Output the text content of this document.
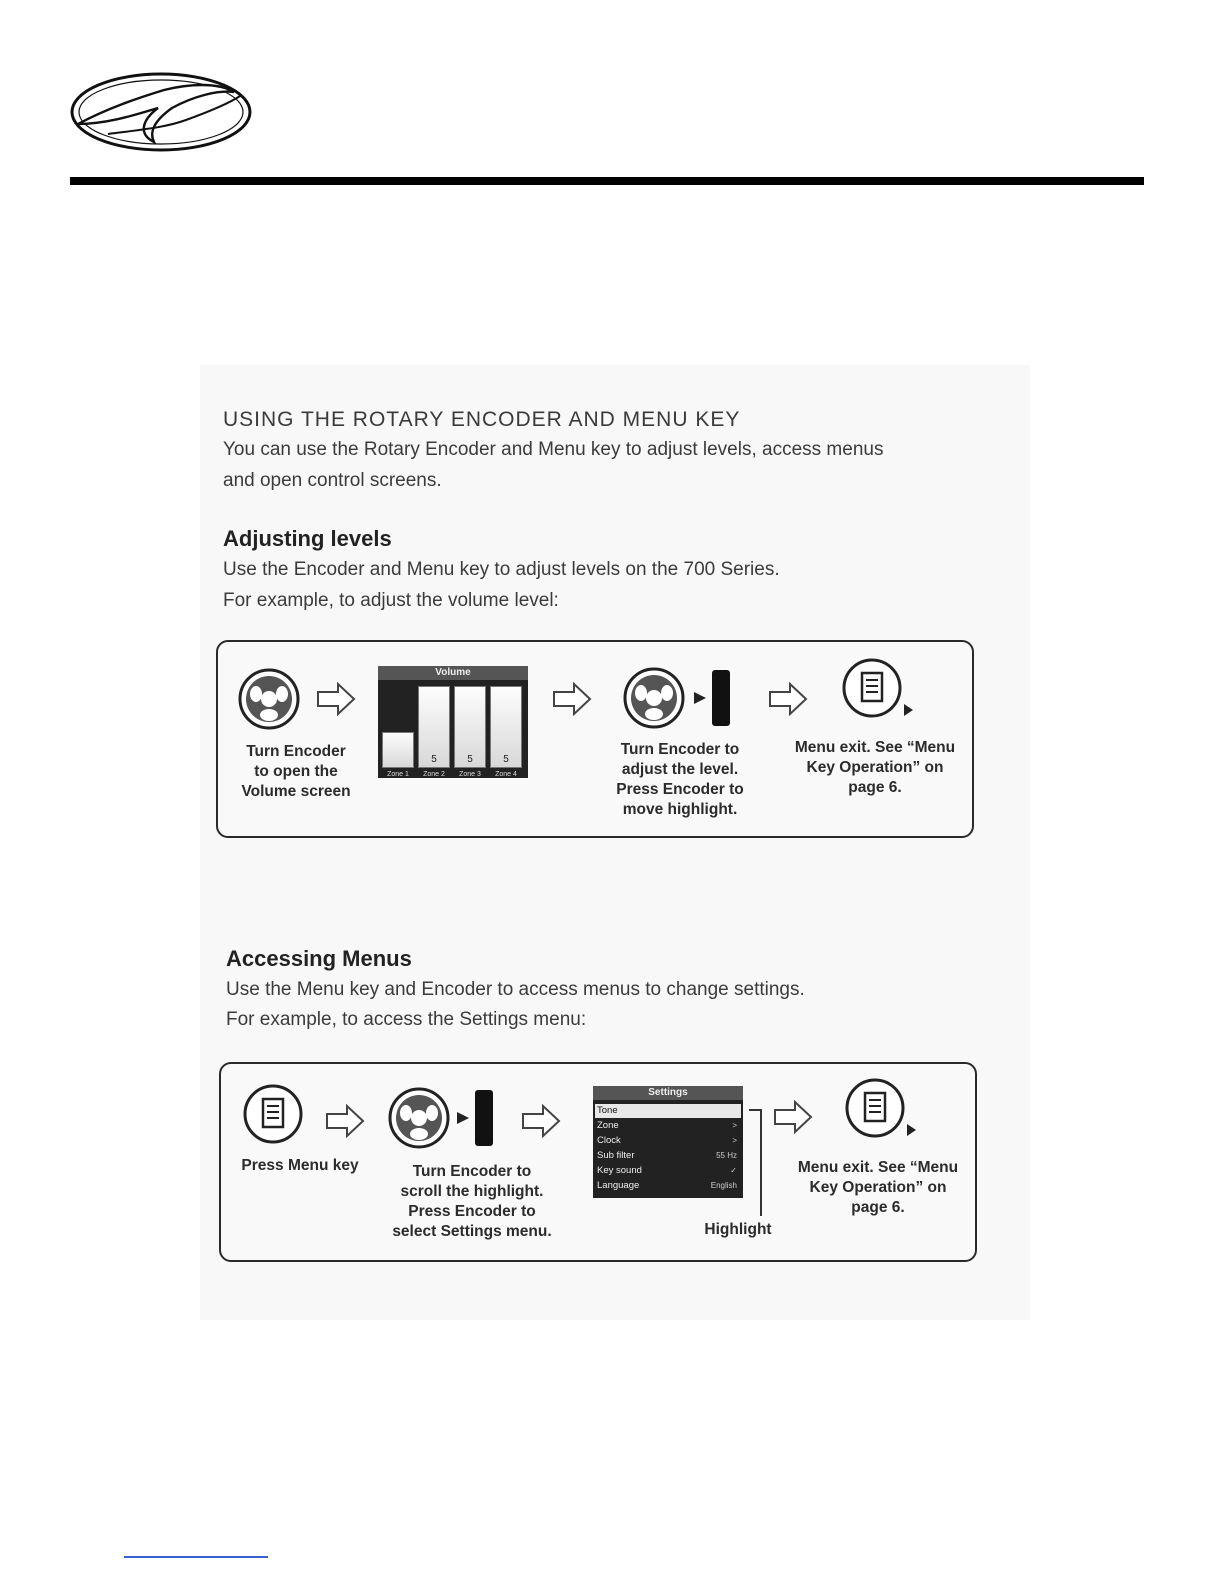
USING THE ROTARY ENCODER AND MENU KEY
You can use the Rotary Encoder and Menu key to adjust levels, access menus
and open control screens.
Adjusting levels
Use the Encoder and Menu key to adjust levels on the 700 Series.
For example, to adjust the volume level:
Turn Encoder
to open the
Volume screen
Volume
5	5	5
Zone 1	Zone 2	Zone 3	Zone 4
Turn Encoder to
adjust the level.
Press Encoder to
move highlight.
Menu exit. See “Menu
Key Operation” on
page 6.
Accessing Menus
Use the Menu key and Encoder to access menus to change settings.
For example, to access the Settings menu:
Press Menu key	Turn Encoder to
scroll the highlight.
Press Encoder to
select Settings menu.
Settings
Tone
Zone	>
Clock	>
Sub filter	55 Hz
Key sound	✓
Language	English
Highlight
Menu exit. See “Menu
Key Operation” on
page 6.
